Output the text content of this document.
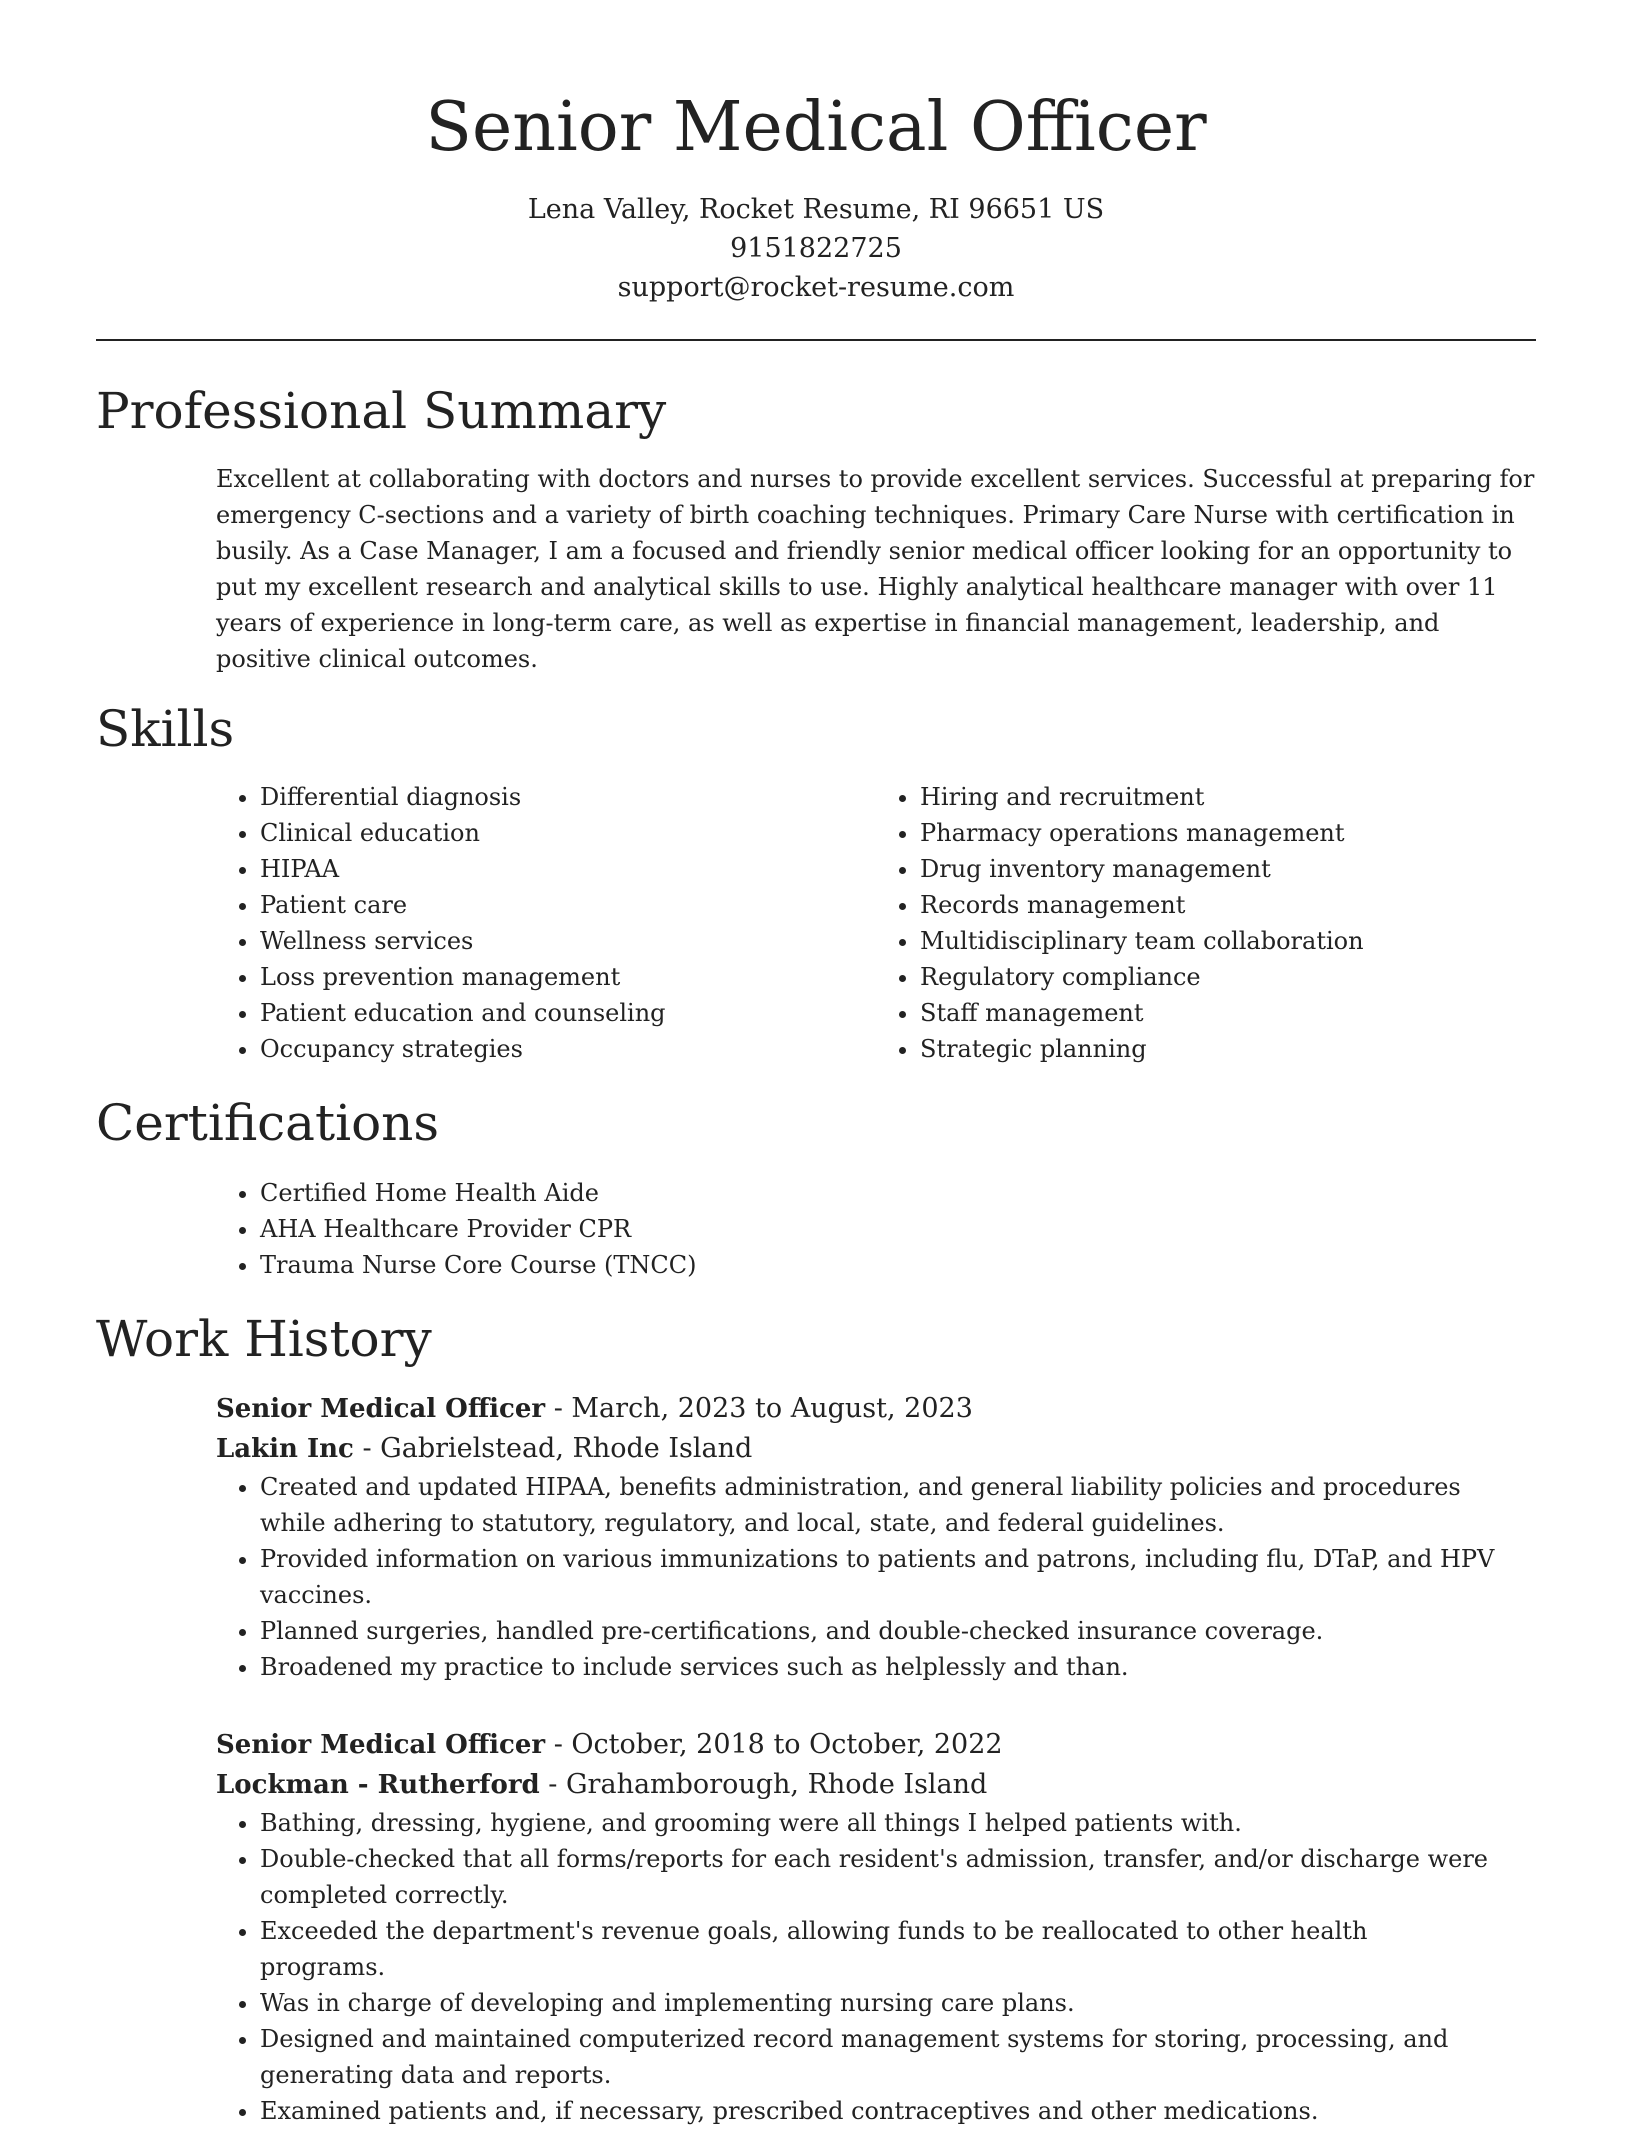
Senior Medical Officer
Lena Valley, Rocket Resume, RI 96651 US
9151822725
support@rocket-resume.com
Professional Summary
Excellent at collaborating with doctors and nurses to provide excellent services. Successful at preparing for emergency C-sections and a variety of birth coaching techniques. Primary Care Nurse with certification in busily. As a Case Manager, I am a focused and friendly senior medical officer looking for an opportunity to put my excellent research and analytical skills to use. Highly analytical healthcare manager with over 11 years of experience in long-term care, as well as expertise in financial management, leadership, and positive clinical outcomes.
Skills
• Differential diagnosis
• Clinical education
• HIPAA
• Patient care
• Wellness services
• Loss prevention management
• Patient education and counseling
• Occupancy strategies
• Hiring and recruitment
• Pharmacy operations management
• Drug inventory management
• Records management
• Multidisciplinary team collaboration
• Regulatory compliance
• Staff management
• Strategic planning
Certifications
• Certified Home Health Aide
• AHA Healthcare Provider CPR
• Trauma Nurse Core Course (TNCC)
Work History
Senior Medical Officer - March, 2023 to August, 2023
Lakin Inc - Gabrielstead, Rhode Island
• Created and updated HIPAA, benefits administration, and general liability policies and procedures while adhering to statutory, regulatory, and local, state, and federal guidelines.
• Provided information on various immunizations to patients and patrons, including flu, DTaP, and HPV vaccines.
• Planned surgeries, handled pre-certifications, and double-checked insurance coverage.
• Broadened my practice to include services such as helplessly and than.
Senior Medical Officer - October, 2018 to October, 2022
Lockman - Rutherford - Grahamborough, Rhode Island
• Bathing, dressing, hygiene, and grooming were all things I helped patients with.
• Double-checked that all forms/reports for each resident's admission, transfer, and/or discharge were completed correctly.
• Exceeded the department's revenue goals, allowing funds to be reallocated to other health programs.
• Was in charge of developing and implementing nursing care plans.
• Designed and maintained computerized record management systems for storing, processing, and generating data and reports.
• Examined patients and, if necessary, prescribed contraceptives and other medications.
